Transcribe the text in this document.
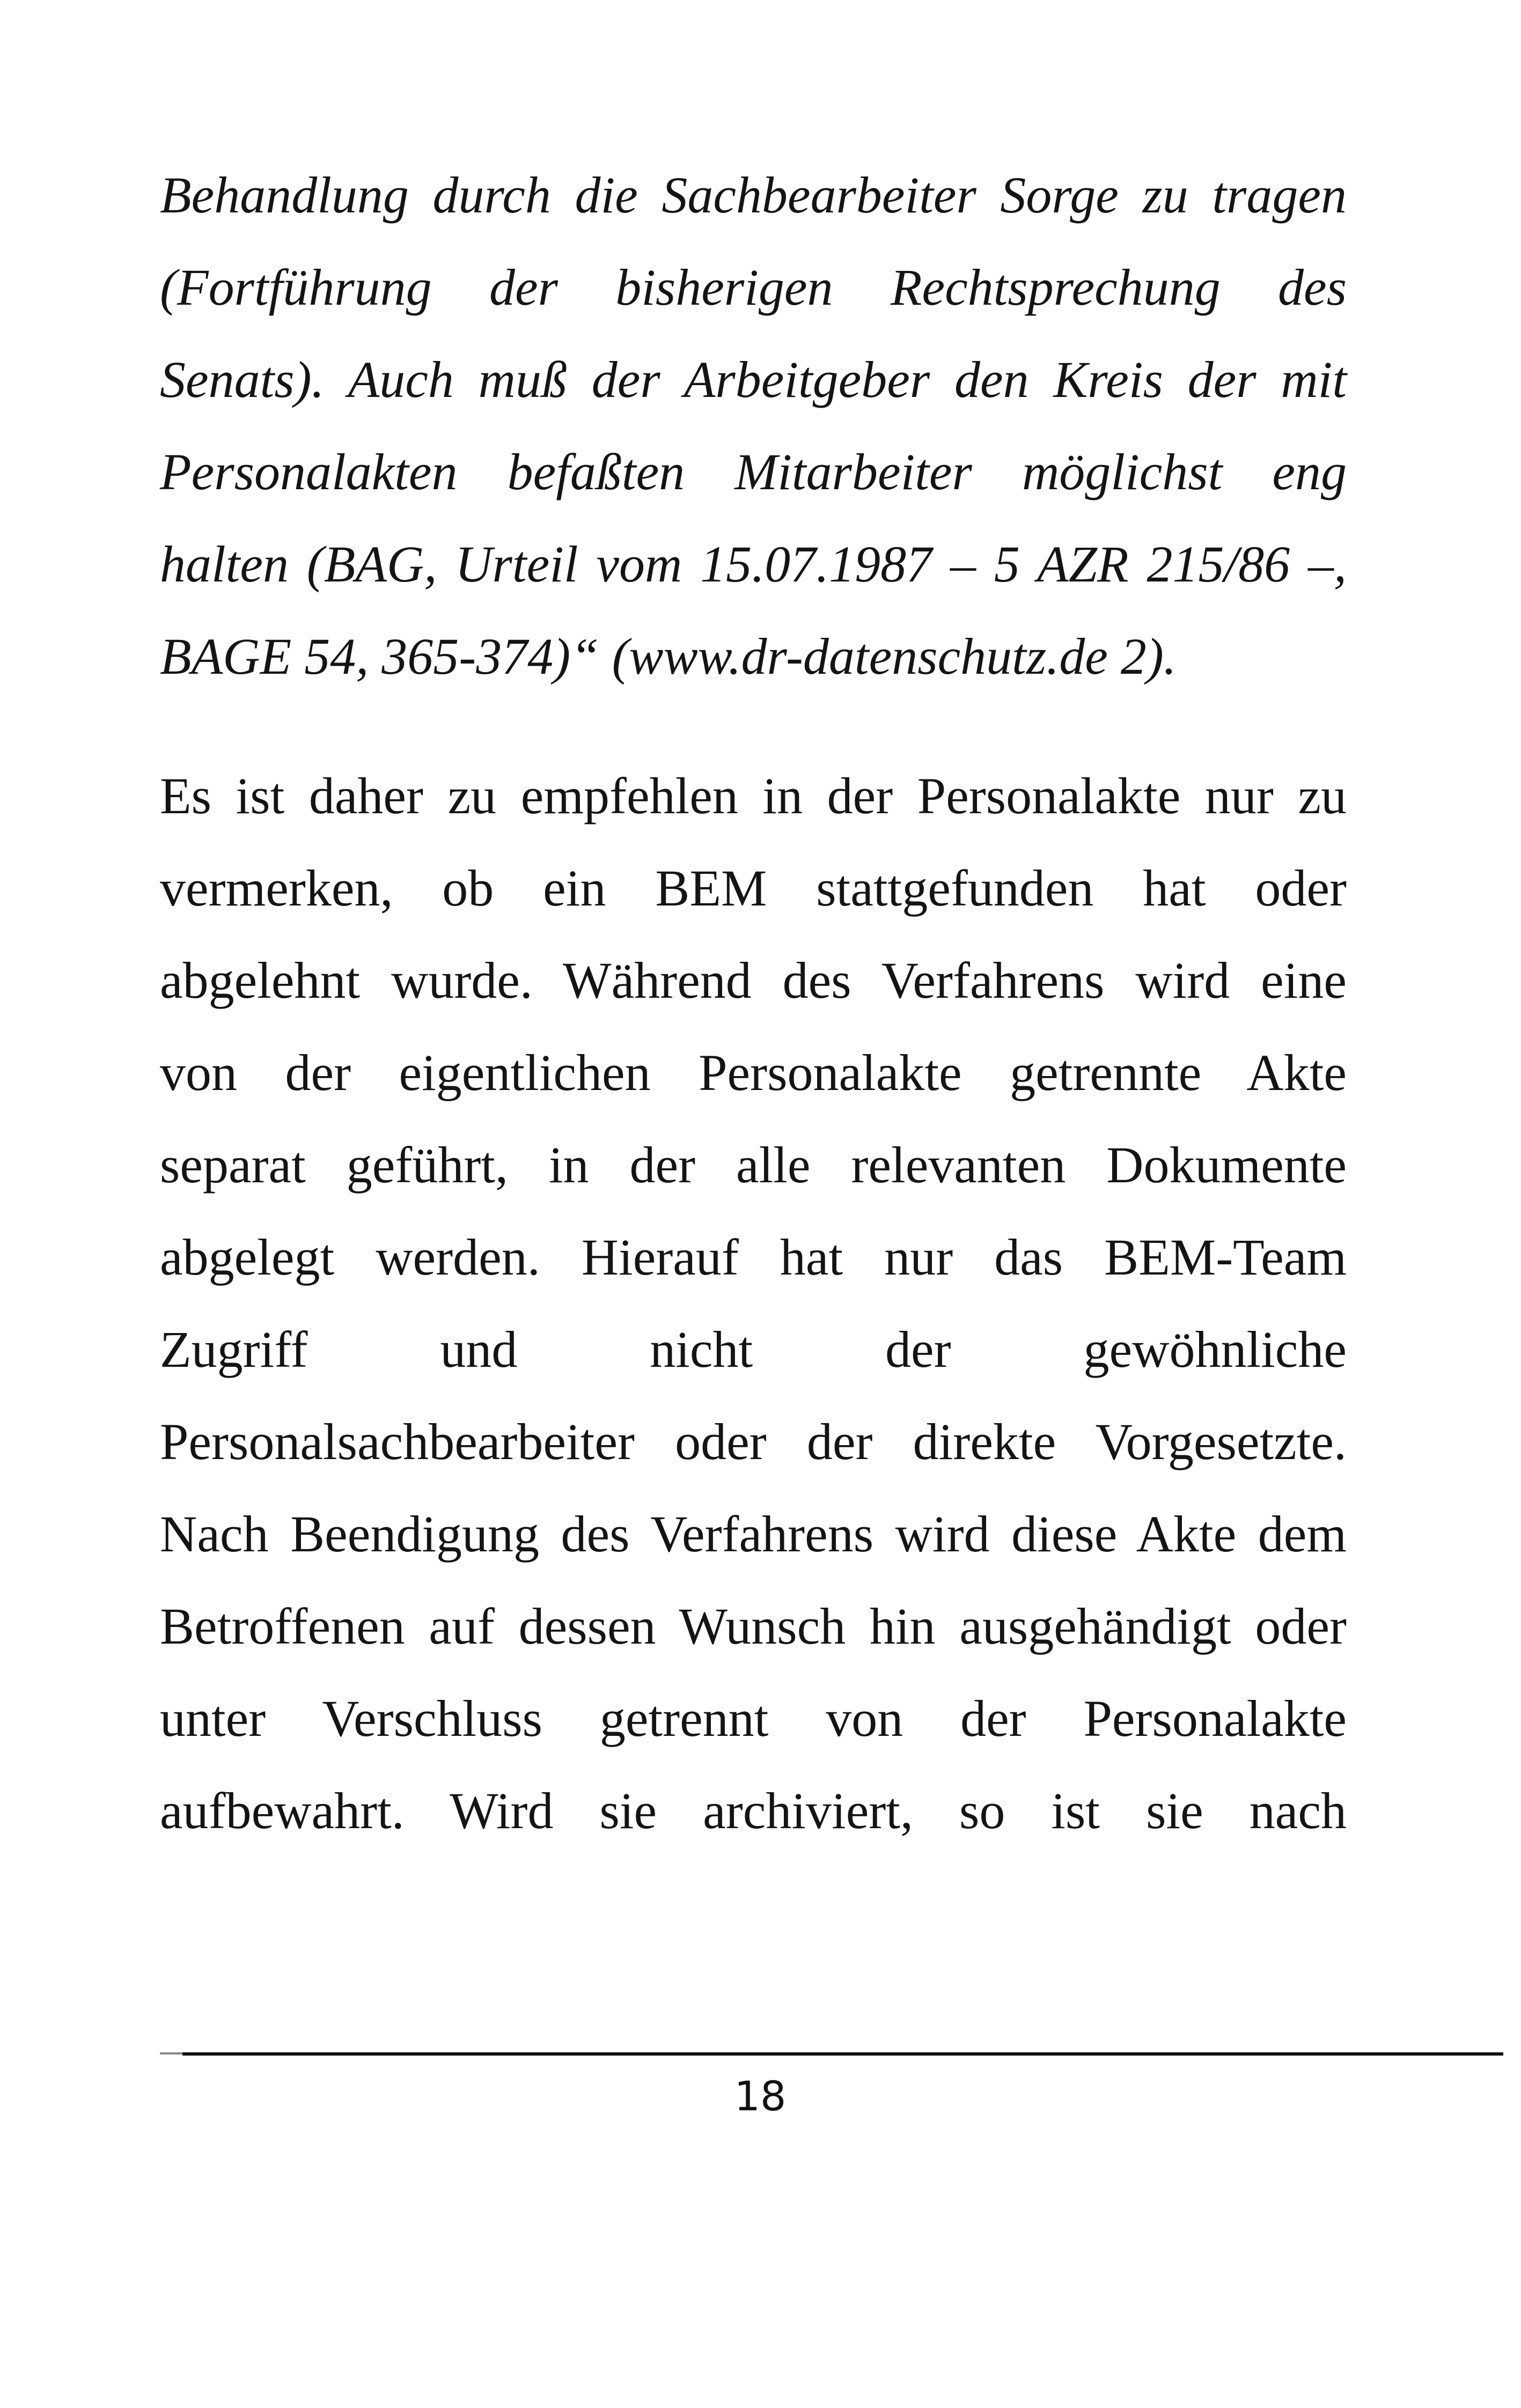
Behandlung durch die Sachbearbeiter Sorge zu tragen
(Fortführung der bisherigen Rechtsprechung des
Senats). Auch muß der Arbeitgeber den Kreis der mit
Personalakten befaßten Mitarbeiter möglichst eng
halten (BAG, Urteil vom 15.07.1987 – 5 AZR 215/86 –,
BAGE 54, 365-374)“ (www.dr-datenschutz.de 2).
Es ist daher zu empfehlen in der Personalakte nur zu
vermerken, ob ein BEM stattgefunden hat oder
abgelehnt wurde. Während des Verfahrens wird eine
von der eigentlichen Personalakte getrennte Akte
separat geführt, in der alle relevanten Dokumente
abgelegt werden. Hierauf hat nur das BEM-Team
Zugriff und nicht der gewöhnliche
Personalsachbearbeiter oder der direkte Vorgesetzte.
Nach Beendigung des Verfahrens wird diese Akte dem
Betroffenen auf dessen Wunsch hin ausgehändigt oder
unter Verschluss getrennt von der Personalakte
aufbewahrt. Wird sie archiviert, so ist sie nach
18
